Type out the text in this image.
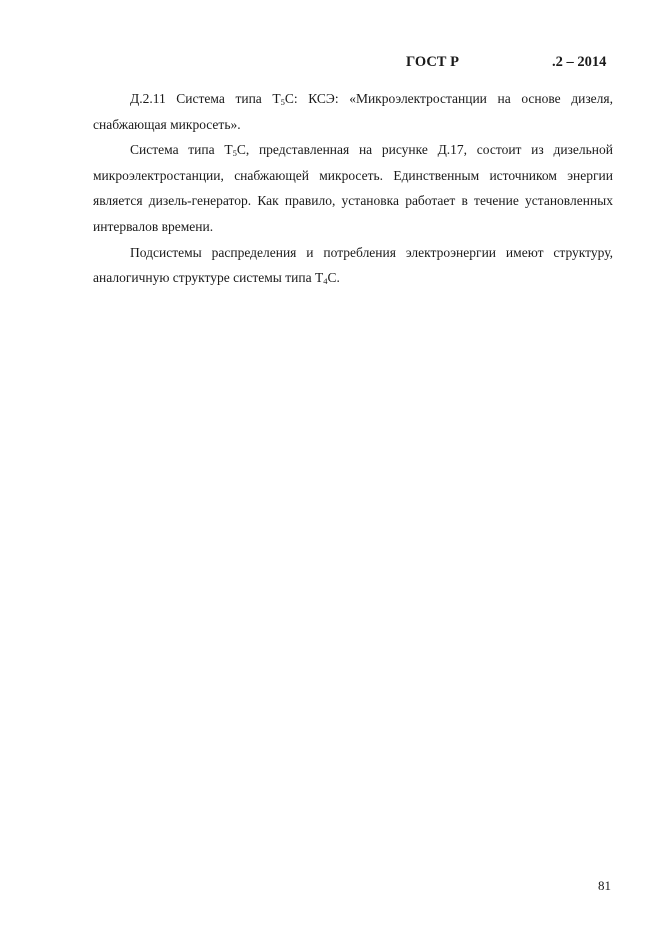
ГОСТ Р	.2 – 2014

Д.2.11 Система типа $Т_5С$: КСЭ: «Микроэлектростанции на основе дизеля, снабжающая микросеть».

Система типа $Т_5С$, представленная на рисунке Д.17, состоит из дизельной микроэлектростанции, снабжающей микросеть. Единственным источником энергии является дизель-генератор. Как правило, установка работает в течение установленных интервалов времени.

Подсистемы распределения и потребления электроэнергии имеют структуру, аналогичную структуре системы типа $Т_4С$.

81
